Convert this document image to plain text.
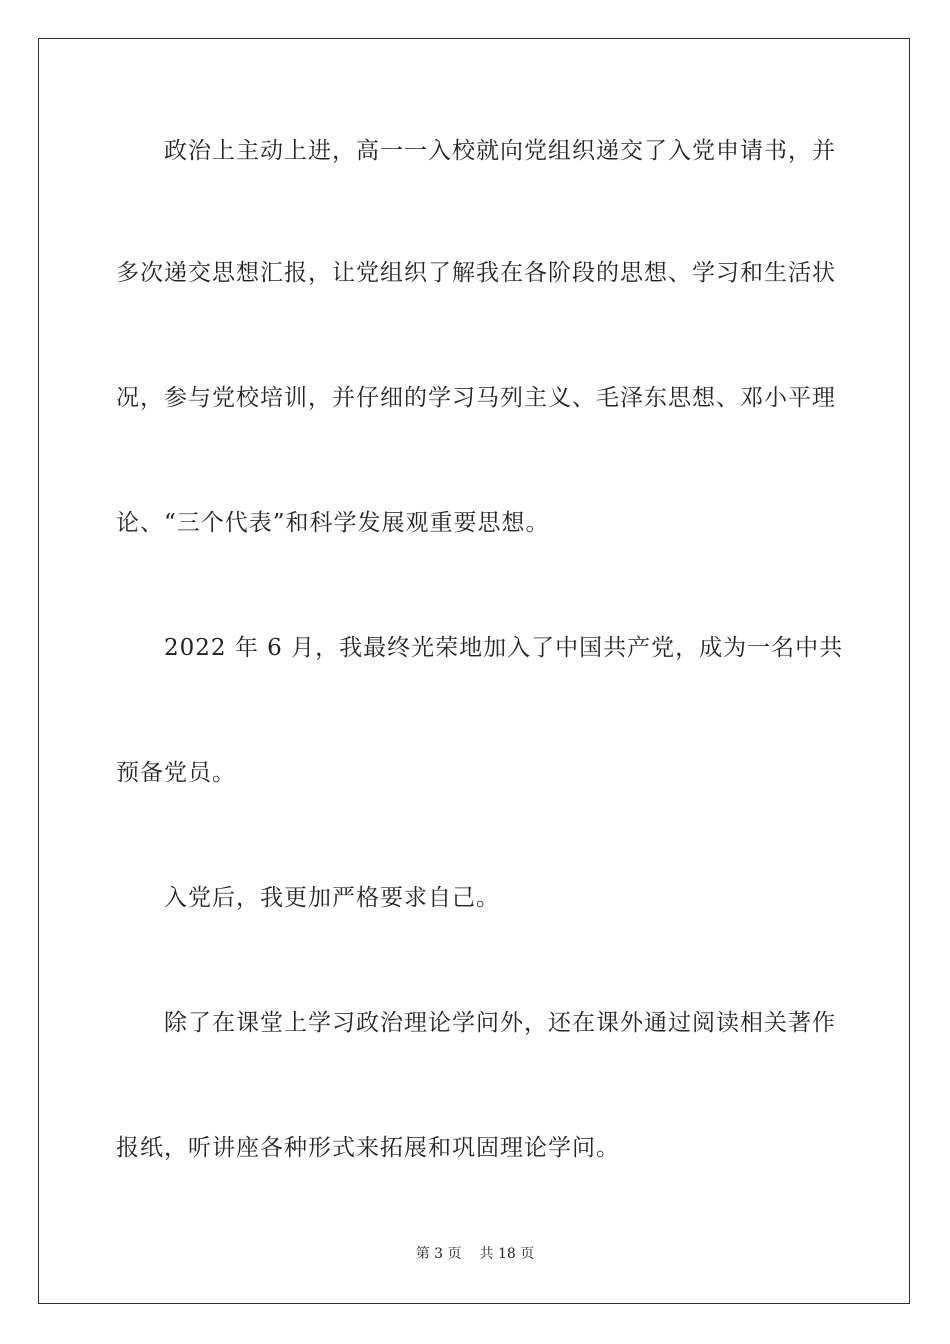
政治上主动上进，高一一入校就向党组织递交了入党申请书，并
多次递交思想汇报，让党组织了解我在各阶段的思想、学习和生活状
况，参与党校培训，并仔细的学习马列主义、毛泽东思想、邓小平理
论、“三个代表”和科学发展观重要思想。
2022 年 6 月，我最终光荣地加入了中国共产党，成为一名中共
预备党员。
入党后，我更加严格要求自己。
除了在课堂上学习政治理论学问外，还在课外通过阅读相关著作
报纸，听讲座各种形式来拓展和巩固理论学问。
第 3 页 共 18 页
